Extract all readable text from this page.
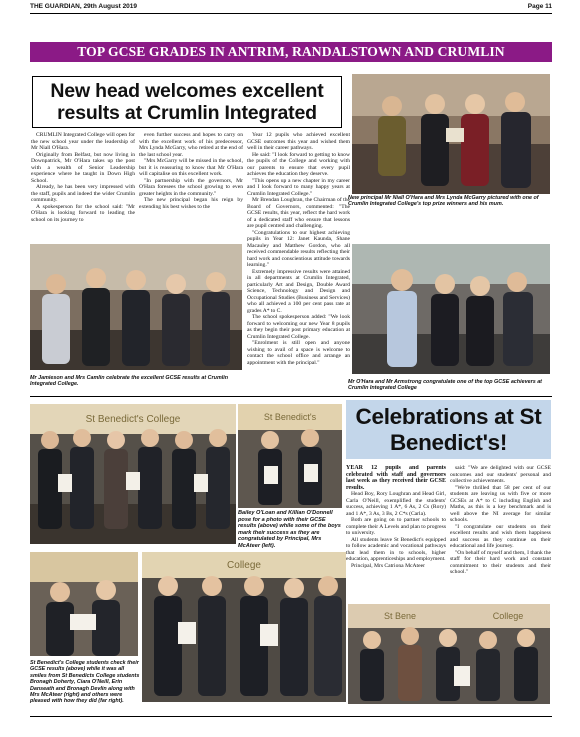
THE GUARDIAN, 29th August 2019	Page 11
TOP GCSE GRADES IN ANTRIM, RANDALSTOWN AND CRUMLIN
New head welcomes excellent results at Crumlin Integrated

CRUMLIN Integrated College will open for the new school year under the leadership of Mr Niall O'Hara.

Originally from Belfast, but now living in Downpatrick, Mr O'Hara takes up the post with a wealth of Senior Leadership experience where he taught in Down High School.

Already, he has been very impressed with the staff, pupils and indeed the wider Crumlin community.

A spokesperson for the school said: "Mr O'Hara is looking forward to leading the school on its journey to

even further success and hopes to carry on with the excellent work of his predecessor, Mrs Lynda McGarry, who retired at the end of the last school year.

"Mrs McGarry will be missed in the school, but it is reassuring to know that Mr O'Hara will capitalise on this excellent work.

"In partnership with the governors, Mr O'Hara foresees the school growing to even greater heights in the community."

The new principal began his reign by extending his best wishes to the

Year 12 pupils who achieved excellent GCSE outcomes this year and wished them well in their career pathways.

He said: "I look forward to getting to know the pupils of the College and working with our parents to ensure that every pupil achieves the education they deserve.

"This opens up a new chapter in my career and I look forward to many happy years at Crumlin Integrated College."

Mr Brendan Loughran, the Chairman of the Board of Governors, commented: "The GCSE results, this year, reflect the hard work of a dedicated staff who ensure that lessons are pupil centred and challenging.

"Congratulations to our highest achieving pupils in Year 12: Janet Kaunda, Shane Macauley and Matthew Gordon, who all received commendable results reflecting their hard work and conscientious attitude towards learning."

Extremely impressive results were attained in all departments at Crumlin Integrated, particularly Art and Design, Double Award Science, Technology and Design and Occupational Studies (Business and Services) who all achieved a 100 per cent pass rate at grades A* to C.

The school spokesperson added: "We look forward to welcoming our new Year 8 pupils as they begin their post primary education at Crumlin Integrated College.

"Enrolment is still open and anyone wishing to avail of a space is welcome to contact the school office and arrange an appointment with the principal."

New principal Mr Niall O'Hara and Mrs Lynda McGarry pictured with one of Crumlin Integrated College's top prize winners and his mum.
Mr Jamieson and Mrs Camlin celebrate the excellent GCSE results at Crumlin Integrated College.	Mr O'Hara and Mr Armstrong congratulate one of the top GCSE achievers at Crumlin Integrated College
St Benedict's College	St Benedict's
Bailey O'Loan and Killian O'Donnell pose for a photo with their GCSE results (above) while some of the boys mark their success as they are congratulated by Principal, Mrs McAteer (left).
St Benedict's College students check their GCSE results (above) while it was all smiles from St Benedicts College students Bronagh Doherty, Ciara O'Neill, Erin Danseath and Bronagh Devlin along with Mrs McAteer (right) and others were pleased with how they did (far right).
College
St Bene	College
Celebrations at St Benedict's!

YEAR 12 pupils and parents celebrated with staff and governors last week as they received their GCSE results.

Head Boy, Rory Loughran and Head Girl, Carla O'Neill, exemplified the students' success, achieving 1 A*, 6 As, 2 Cs (Rory) and 1 A*, 3 As, 3 Bs, 2 C*s (Carla).

Both are going on to partner schools to complete their A Levels and plan to progress to university.

All students leave St Benedict's equipped to follow academic and vocational pathways that lead them in to schools, higher education, apprenticeships and employment.

Principal, Mrs Catriona McAteer

said: "We are delighted with our GCSE outcomes and our students' personal and collective achievements.

"We're thrilled that 58 per cent of our students are leaving us with five or more GCSEs at A* to C including English and Maths, as this is a key benchmark and is well above the NI average for similar schools.

"I congratulate our students on their excellent results and wish them happiness and success as they continue on their educational and life journey.

"On behalf of myself and them, I thank the staff for their hard work and constant commitment to their students and their school."
